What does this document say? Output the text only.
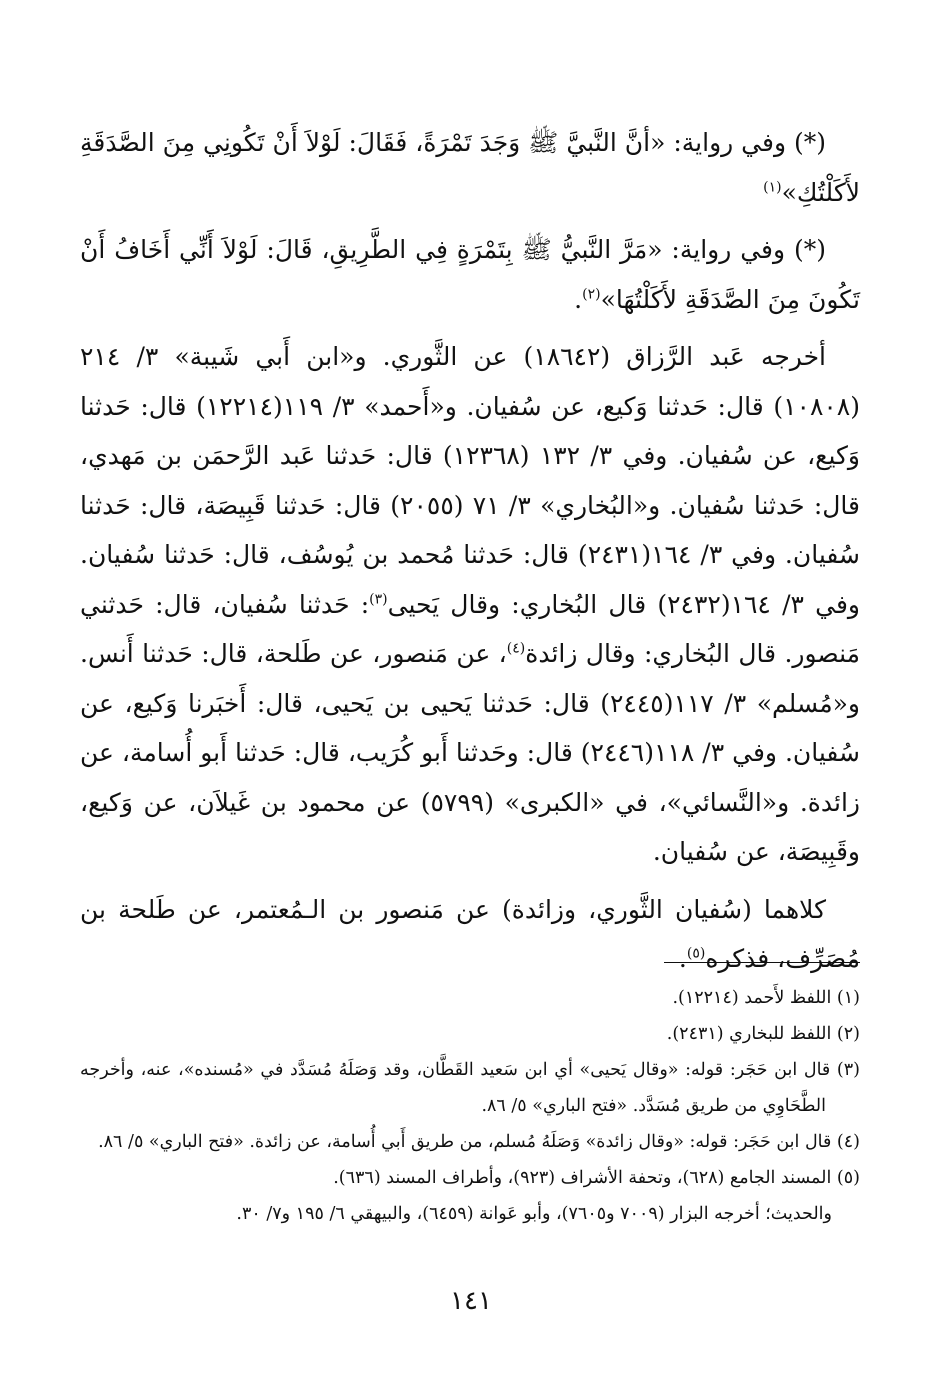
(*) وفي رواية: «أنَّ النَّبيَّ ﷺ وَجَدَ تَمْرَةً، فَقَالَ: لَوْلاَ أَنْ تَكُونِي مِنَ الصَّدَقَةِ لأَكَلْتُكِ»$^{(١)}$

(*) وفي رواية: «مَرَّ النَّبيُّ ﷺ بِتَمْرَةٍ فِي الطَّرِيقِ، قَالَ: لَوْلاَ أَنِّي أَخَافُ أَنْ تَكُونَ مِنَ الصَّدَقَةِ لأَكَلْتُهَا»$^{(٢)}$.

أخرجه عَبد الرَّزاق (١٨٦٤٢) عن الثَّوري. و«ابن أَبي شَيبة» ٣/ ٢١٤ (١٠٨٠٨) قال: حَدثنا وَكيع، عن سُفيان. و«أَحمد» ٣/ ١١٩(١٢٢١٤) قال: حَدثنا وَكيع، عن سُفيان. وفي ٣/ ١٣٢ (١٢٣٦٨) قال: حَدثنا عَبد الرَّحمَن بن مَهدي، قال: حَدثنا سُفيان. و«البُخاري» ٣/ ٧١ (٢٠٥٥) قال: حَدثنا قَبِيصَة، قال: حَدثنا سُفيان. وفي ٣/ ١٦٤(٢٤٣١) قال: حَدثنا مُحمد بن يُوسُف، قال: حَدثنا سُفيان. وفي ٣/ ١٦٤(٢٤٣٢) قال البُخاري: وقال يَحيى$^{(٣)}$: حَدثنا سُفيان، قال: حَدثني مَنصور. قال البُخاري: وقال زائدة$^{(٤)}$، عن مَنصور، عن طَلحة، قال: حَدثنا أَنس. و«مُسلم» ٣/ ١١٧(٢٤٤٥) قال: حَدثنا يَحيى بن يَحيى، قال: أَخبَرنا وَكيع، عن سُفيان. وفي ٣/ ١١٨(٢٤٤٦) قال: وحَدثنا أَبو كُرَيب، قال: حَدثنا أَبو أُسامة، عن زائدة. و«النَّسائي»، في «الكبرى» (٥٧٩٩) عن محمود بن غَيلاَن، عن وَكيع، وقَبِيصَة، عن سُفيان.

كلاهما (سُفيان الثَّوري، وزائدة) عن مَنصور بن الـمُعتمر، عن طَلحة بن مُصَرِّف، فذكره$^{(٥)}$.

(١) اللفظ لأَحمد (١٢٢١٤).

(٢) اللفظ للبخاري (٢٤٣١).

(٣) قال ابن حَجَر: قوله: «وقال يَحيى» أي ابن سَعيد القَطَّان، وقد وَصَلَهُ مُسَدَّد في «مُسنده»، عنه، وأخرجه الطَّحَاوِي من طريق مُسَدَّد. «فتح الباري» ٥/ ٨٦.

(٤) قال ابن حَجَر: قوله: «وقال زائدة» وَصَلَهُ مُسلم، من طريق أَبي أُسامة، عن زائدة. «فتح الباري» ٥/ ٨٦.

(٥) المسند الجامع (٦٢٨)، وتحفة الأشراف (٩٢٣)، وأطراف المسند (٦٣٦).

والحديث؛ أخرجه البزار (٧٠٠٩ و٧٦٠٥)، وأبو عَوانة (٦٤٥٩)، والبيهقي ٦/ ١٩٥ و٧/ ٣٠.

١٤١
